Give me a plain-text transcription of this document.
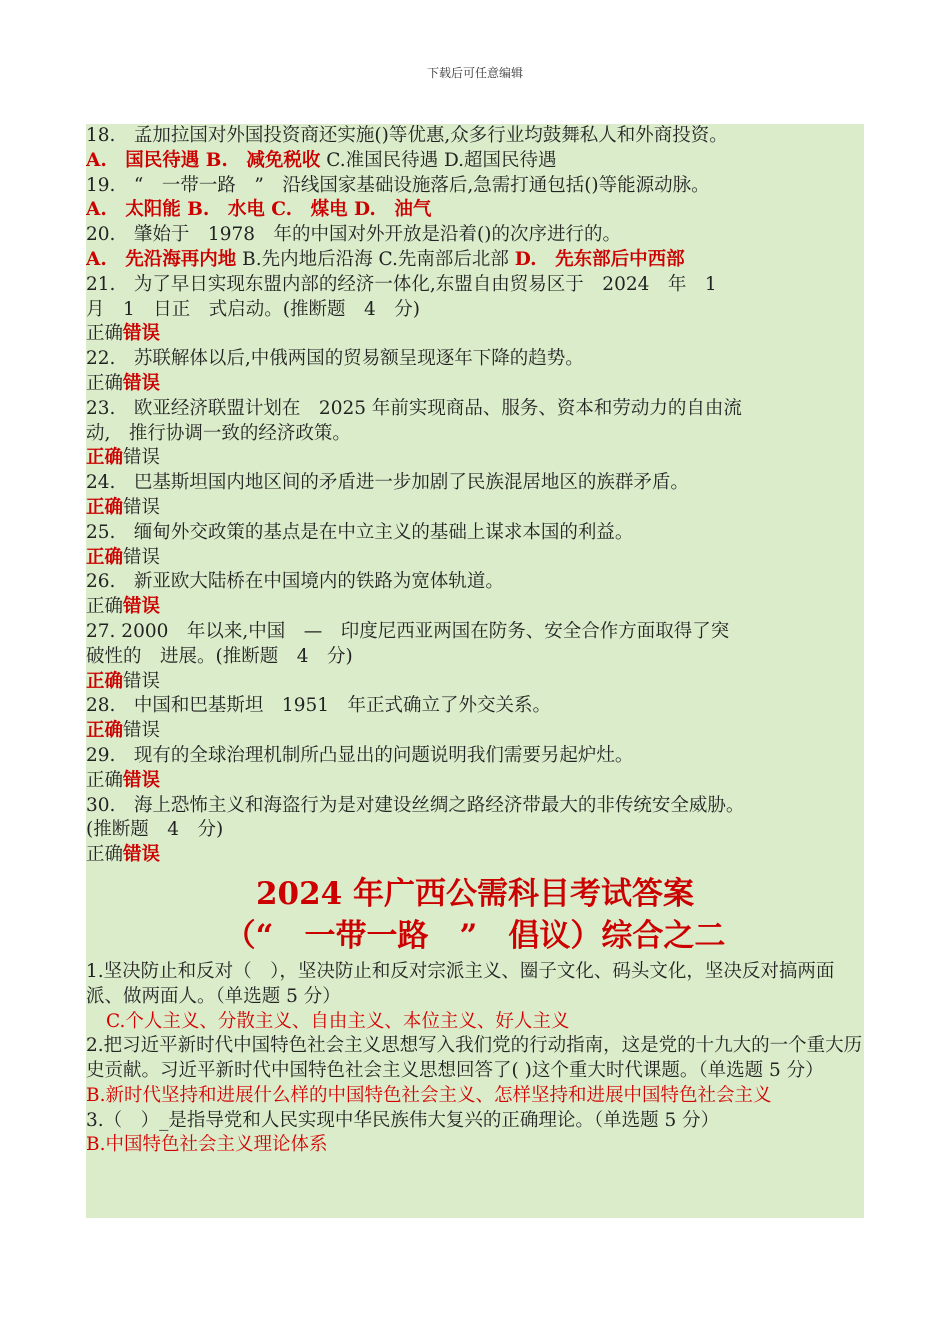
下载后可任意编辑

18.　孟加拉国对外国投资商还实施()等优惠,众多行业均鼓舞私人和外商投资。

A.　国民待遇 B.　减免税收 C.准国民待遇 D.超国民待遇

19.　“　一带一路　”　沿线国家基础设施落后,急需打通包括()等能源动脉。

A.　太阳能 B.　水电 C.　煤电 D.　油气

20.　肇始于　1978　年的中国对外开放是沿着()的次序进行的。

A.　先沿海再内地 B.先内地后沿海 C.先南部后北部 D.　先东部后中西部

21.　为了早日实现东盟内部的经济一体化,东盟自由贸易区于　2024　年　1

月　1　日正　式启动。(推断题　4　分)

正确错误

22.　苏联解体以后,中俄两国的贸易额呈现逐年下降的趋势。

正确错误

23.　欧亚经济联盟计划在　2025 年前实现商品、服务、资本和劳动力的自由流

动,　推行协调一致的经济政策。

正确错误

24.　巴基斯坦国内地区间的矛盾进一步加剧了民族混居地区的族群矛盾。

正确错误

25.　缅甸外交政策的基点是在中立主义的基础上谋求本国的利益。

正确错误

26.　新亚欧大陆桥在中国境内的铁路为宽体轨道。

正确错误

27. 2000　年以来,中国　—　印度尼西亚两国在防务、安全合作方面取得了突

破性的　进展。(推断题　4　分)

正确错误

28.　中国和巴基斯坦　1951　年正式确立了外交关系。

正确错误

29.　现有的全球治理机制所凸显出的问题说明我们需要另起炉灶。

正确错误

30.　海上恐怖主义和海盗行为是对建设丝绸之路经济带最大的非传统安全威胁。

(推断题　4　分)

正确错误

2024 年广西公需科目考试答案
（“　一带一路　”　倡议）综合之二

1.坚决防止和反对（　），坚决防止和反对宗派主义、圈子文化、码头文化，坚决反对搞两面派、做两面人。（单选题 5 分）

C.个人主义、分散主义、自由主义、本位主义、好人主义

2.把习近平新时代中国特色社会主义思想写入我们党的行动指南，这是党的十九大的一个重大历史贡献。习近平新时代中国特色社会主义思想回答了( )这个重大时代课题。（单选题 5 分）

B.新时代坚持和进展什么样的中国特色社会主义、怎样坚持和进展中国特色社会主义

3.（　）_是指导党和人民实现中华民族伟大复兴的正确理论。（单选题 5 分）

B.中国特色社会主义理论体系
